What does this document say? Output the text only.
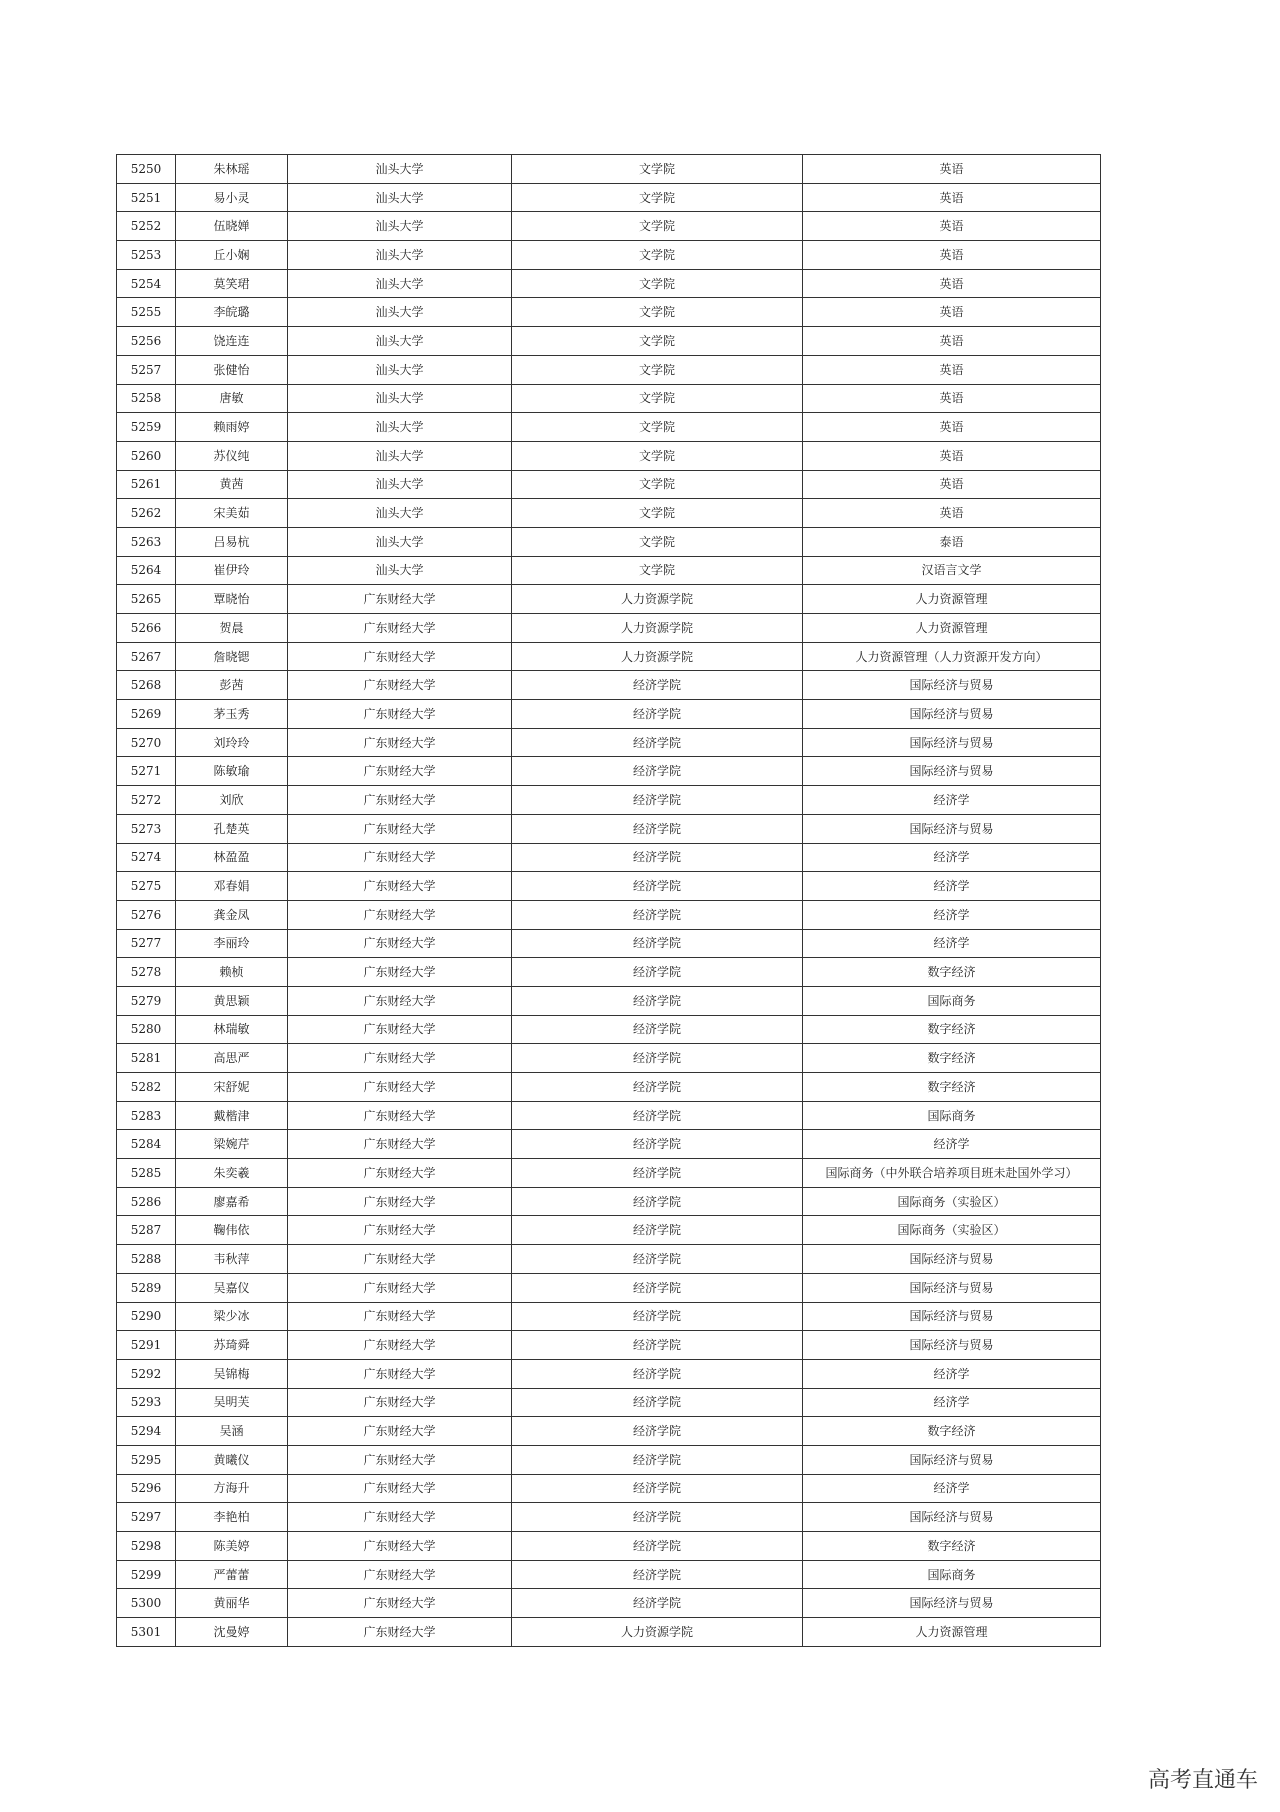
5250	朱林瑶	汕头大学	文学院	英语
5251	易小灵	汕头大学	文学院	英语
5252	伍晓婵	汕头大学	文学院	英语
5253	丘小娴	汕头大学	文学院	英语
5254	莫笑珺	汕头大学	文学院	英语
5255	李皖璐	汕头大学	文学院	英语
5256	饶连连	汕头大学	文学院	英语
5257	张健怡	汕头大学	文学院	英语
5258	唐敏	汕头大学	文学院	英语
5259	赖雨婷	汕头大学	文学院	英语
5260	苏仪纯	汕头大学	文学院	英语
5261	黄茜	汕头大学	文学院	英语
5262	宋美茹	汕头大学	文学院	英语
5263	吕易杭	汕头大学	文学院	泰语
5264	崔伊玲	汕头大学	文学院	汉语言文学
5265	覃晓怡	广东财经大学	人力资源学院	人力资源管理
5266	贺晨	广东财经大学	人力资源学院	人力资源管理
5267	詹晓锶	广东财经大学	人力资源学院	人力资源管理（人力资源开发方向）
5268	彭茜	广东财经大学	经济学院	国际经济与贸易
5269	茅玉秀	广东财经大学	经济学院	国际经济与贸易
5270	刘玲玲	广东财经大学	经济学院	国际经济与贸易
5271	陈敏瑜	广东财经大学	经济学院	国际经济与贸易
5272	刘欣	广东财经大学	经济学院	经济学
5273	孔楚英	广东财经大学	经济学院	国际经济与贸易
5274	林盈盈	广东财经大学	经济学院	经济学
5275	邓春娟	广东财经大学	经济学院	经济学
5276	龚金凤	广东财经大学	经济学院	经济学
5277	李丽玲	广东财经大学	经济学院	经济学
5278	赖桢	广东财经大学	经济学院	数字经济
5279	黄思颖	广东财经大学	经济学院	国际商务
5280	林瑞敏	广东财经大学	经济学院	数字经济
5281	高思严	广东财经大学	经济学院	数字经济
5282	宋舒妮	广东财经大学	经济学院	数字经济
5283	戴楷津	广东财经大学	经济学院	国际商务
5284	梁婉芹	广东财经大学	经济学院	经济学
5285	朱奕羲	广东财经大学	经济学院	国际商务（中外联合培养项目班未赴国外学习）
5286	廖嘉希	广东财经大学	经济学院	国际商务（实验区）
5287	鞠伟依	广东财经大学	经济学院	国际商务（实验区）
5288	韦秋萍	广东财经大学	经济学院	国际经济与贸易
5289	吴嘉仪	广东财经大学	经济学院	国际经济与贸易
5290	梁少冰	广东财经大学	经济学院	国际经济与贸易
5291	苏琦舜	广东财经大学	经济学院	国际经济与贸易
5292	吴锦梅	广东财经大学	经济学院	经济学
5293	吴明芙	广东财经大学	经济学院	经济学
5294	吴涵	广东财经大学	经济学院	数字经济
5295	黄曦仪	广东财经大学	经济学院	国际经济与贸易
5296	方海升	广东财经大学	经济学院	经济学
5297	李艳柏	广东财经大学	经济学院	国际经济与贸易
5298	陈美婷	广东财经大学	经济学院	数字经济
5299	严蕾蕾	广东财经大学	经济学院	国际商务
5300	黄丽华	广东财经大学	经济学院	国际经济与贸易
5301	沈曼婷	广东财经大学	人力资源学院	人力资源管理
高考直通车
